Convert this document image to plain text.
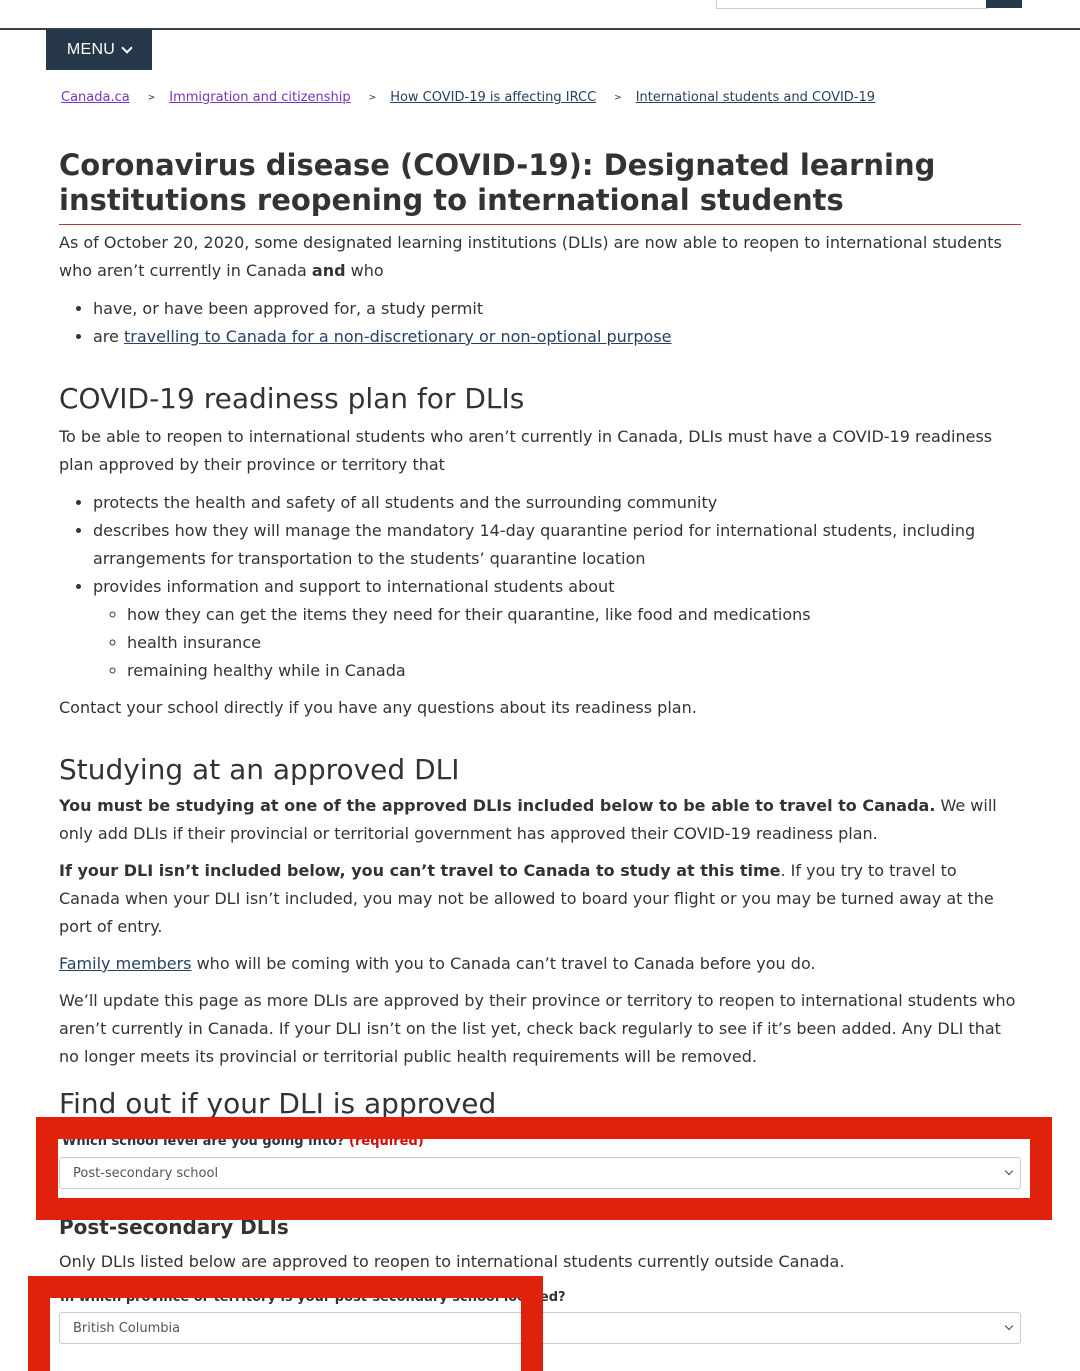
MENU
Canada.ca > Immigration and citizenship > How COVID-19 is affecting IRCC > International students and COVID-19
Coronavirus disease (COVID-19): Designated learning institutions reopening to international students

As of October 20, 2020, some designated learning institutions (DLIs) are now able to reopen to international students who aren’t currently in Canada and who

• have, or have been approved for, a study permit
• are travelling to Canada for a non-discretionary or non-optional purpose
COVID-19 readiness plan for DLIs

To be able to reopen to international students who aren’t currently in Canada, DLIs must have a COVID-19 readiness plan approved by their province or territory that

• protects the health and safety of all students and the surrounding community
• describes how they will manage the mandatory 14-day quarantine period for international students, including arrangements for transportation to the students’ quarantine location
• provides information and support to international students about
◦ how they can get the items they need for their quarantine, like food and medications
◦ health insurance
◦ remaining healthy while in Canada

Contact your school directly if you have any questions about its readiness plan.

Studying at an approved DLI

You must be studying at one of the approved DLIs included below to be able to travel to Canada. We will only add DLIs if their provincial or territorial government has approved their COVID-19 readiness plan.

If your DLI isn’t included below, you can’t travel to Canada to study at this time. If you try to travel to Canada when your DLI isn’t included, you may not be allowed to board your flight or you may be turned away at the port of entry.

Family members who will be coming with you to Canada can’t travel to Canada before you do.

We’ll update this page as more DLIs are approved by their province or territory to reopen to international students who aren’t currently in Canada. If your DLI isn’t on the list yet, check back regularly to see if it’s been added. Any DLI that no longer meets its provincial or territorial public health requirements will be removed.

Find out if your DLI is approved
Which school level are you going into? (required)
Post-secondary school
Post-secondary DLIs

Only DLIs listed below are approved to reopen to international students currently outside Canada.

In which province or territory is your post-secondary school located?
British Columbia
